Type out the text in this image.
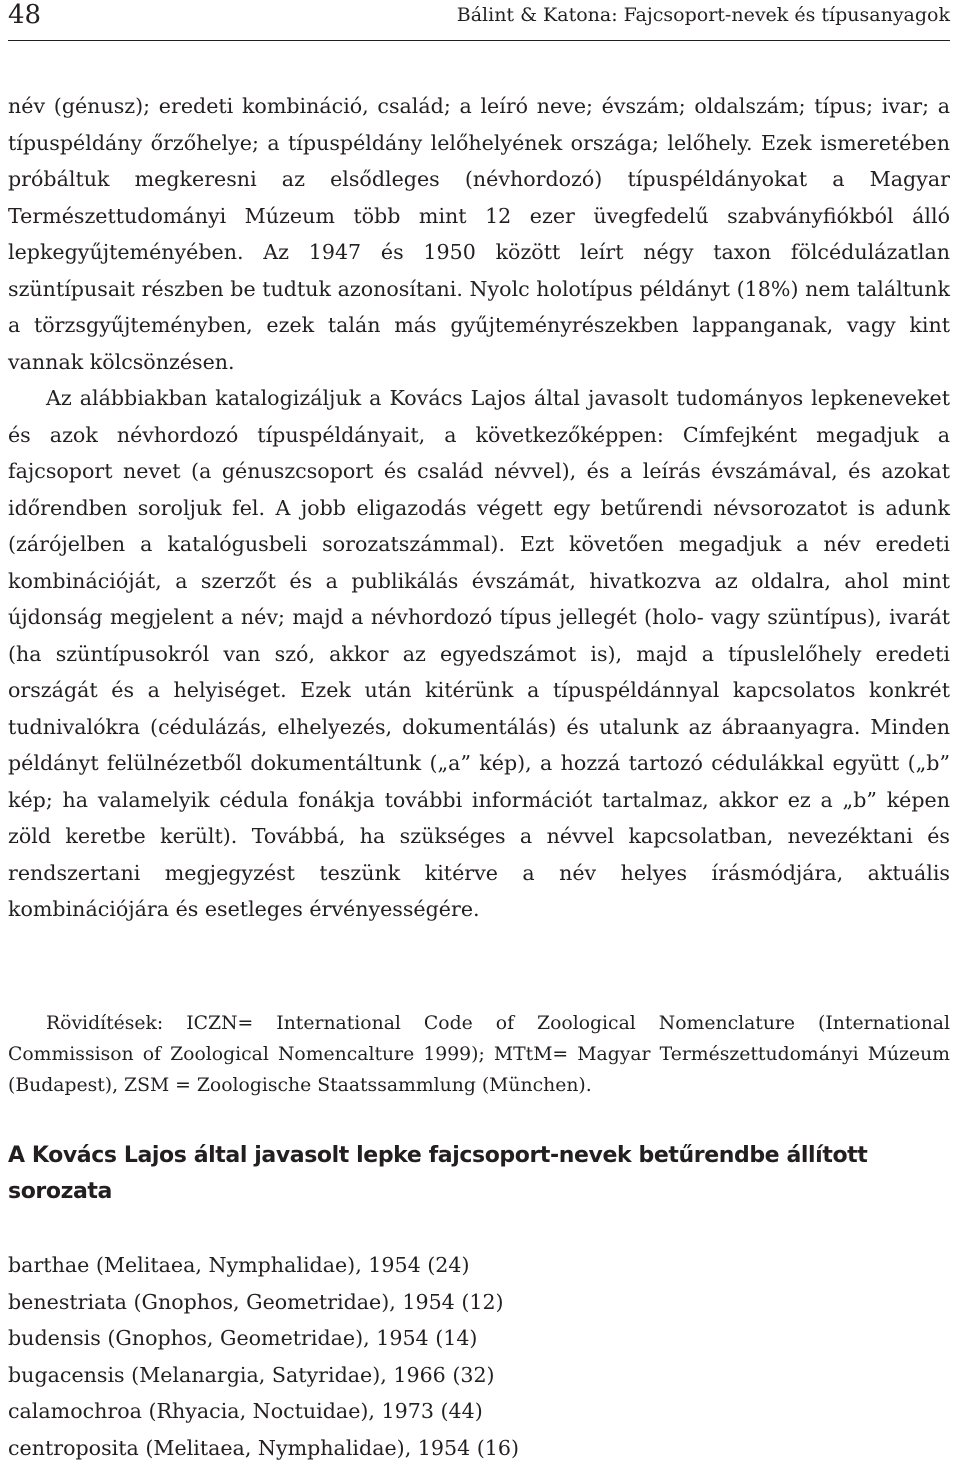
48	Bálint & Katona: Fajcsoport-nevek és típusanyagok

név (génusz); eredeti kombináció, család; a leíró neve; évszám; oldalszám; típus; ivar; a típuspéldány őrzőhelye; a típuspéldány lelőhelyének országa; lelőhely. Ezek ismeretében próbáltuk megkeresni az elsődleges (névhordozó) típuspéldányokat a Magyar Természettudományi Múzeum több mint 12 ezer üvegfedelű szabványfiókból álló lepkegyűjteményében. Az 1947 és 1950 között leírt négy taxon fölcédulázatlan szüntípusait részben be tudtuk azonosítani. Nyolc holotípus példányt (18%) nem találtunk a törzsgyűjteményben, ezek talán más gyűjteményrészekben lappanganak, vagy kint vannak kölcsönzésen.

Az alábbiakban katalogizáljuk a Kovács Lajos által javasolt tudományos lepkeneveket és azok névhordozó típuspéldányait, a következőképpen: Címfejként megadjuk a fajcsoport nevet (a génuszcsoport és család névvel), és a leírás évszámával, és azokat időrendben soroljuk fel. A jobb eligazodás végett egy betűrendi névsorozatot is adunk (zárójelben a katalógusbeli sorozatszámmal). Ezt követően megadjuk a név eredeti kombinációját, a szerzőt és a publikálás évszámát, hivatkozva az oldalra, ahol mint újdonság megjelent a név; majd a névhordozó típus jellegét (holo- vagy szüntípus), ivarát (ha szüntípusokról van szó, akkor az egyedszámot is), majd a típuslelőhely eredeti országát és a helyiséget. Ezek után kitérünk a típuspéldánnyal kapcsolatos konkrét tudnivalókra (cédulázás, elhelyezés, dokumentálás) és utalunk az ábraanyagra. Minden példányt felülnézetből dokumentáltunk („a” kép), a hozzá tartozó cédulákkal együtt („b” kép; ha valamelyik cédula fonákja további információt tartalmaz, akkor ez a „b” képen zöld keretbe került). Továbbá, ha szükséges a névvel kapcsolatban, nevezéktani és rendszertani megjegyzést teszünk kitérve a név helyes írásmódjára, aktuális kombinációjára és esetleges érvényességére.

Rövidítések: ICZN= International Code of Zoological Nomenclature (International Commissison of Zoological Nomencalture 1999); MTtM= Magyar Természettudományi Múzeum (Budapest), ZSM = Zoologische Staatssammlung (München).

A Kovács Lajos által javasolt lepke fajcsoport-nevek betűrendbe állított sorozata
barthae (Melitaea, Nymphalidae), 1954 (24)
benestriata (Gnophos, Geometridae), 1954 (12)
budensis (Gnophos, Geometridae), 1954 (14)
bugacensis (Melanargia, Satyridae), 1966 (32)
calamochroa (Rhyacia, Noctuidae), 1973 (44)
centroposita (Melitaea, Nymphalidae), 1954 (16)
